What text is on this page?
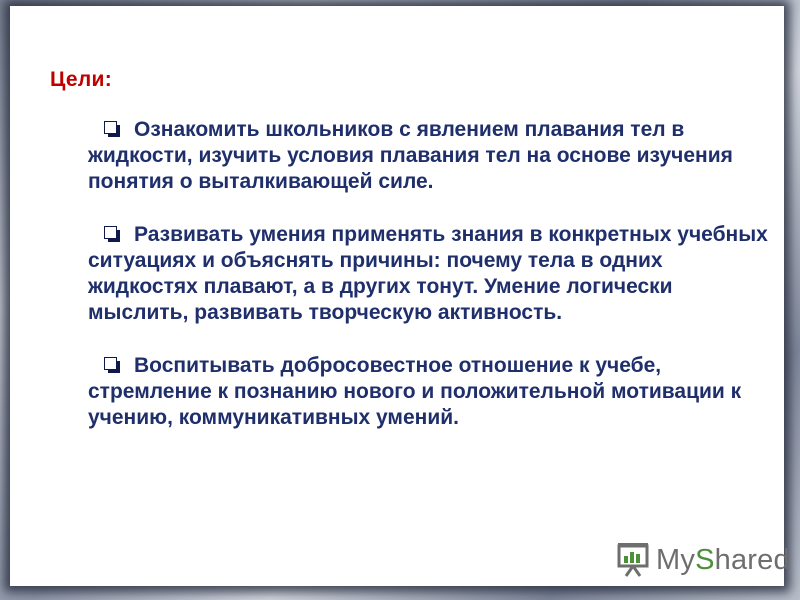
Цели:
Ознакомить школьников с явлением плавания тел в жидкости, изучить условия плавания тел на основе изучения понятия о выталкивающей силе.
Развивать умения применять знания в конкретных учебных ситуациях и объяснять причины: почему тела в одних жидкостях плавают, а в других тонут. Умение логически мыслить, развивать творческую активность.
Воспитывать добросовестное отношение к учебе, стремление к познанию нового и положительной мотивации к учению, коммуникативных умений.
MyShared
